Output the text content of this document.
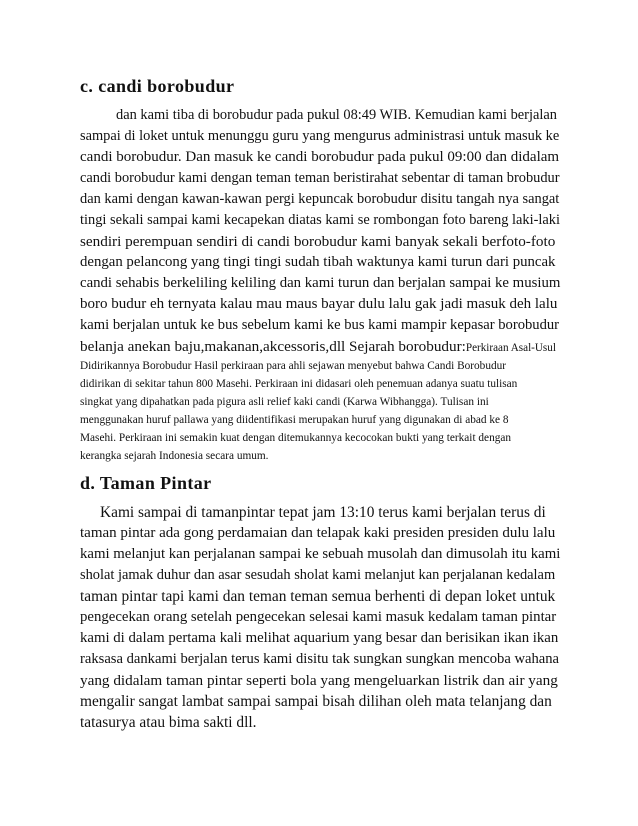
c. candi borobudur
dan kami tiba di borobudur pada pukul 08:49 WIB. Kemudian kami berjalan
sampai di loket untuk menunggu guru yang mengurus administrasi untuk masuk ke
candi borobudur. Dan masuk ke candi borobudur pada pukul 09:00 dan didalam
candi borobudur kami dengan teman teman beristirahat sebentar di taman brobudur
dan kami dengan kawan-kawan pergi kepuncak borobudur disitu tangah nya sangat
tingi sekali sampai kami kecapekan diatas kami se rombongan foto bareng laki-laki
sendiri perempuan sendiri di candi borobudur kami banyak sekali berfoto-foto
dengan pelancong yang tingi tingi sudah tibah waktunya kami turun dari puncak
candi sehabis berkeliling keliling dan kami turun dan berjalan sampai ke musium
boro budur eh ternyata kalau mau maus bayar dulu lalu gak jadi masuk deh lalu
kami berjalan untuk ke bus sebelum kami ke bus kami mampir kepasar borobudur
belanja anekan baju,makanan,akcessoris,dll Sejarah borobudur:Perkiraan Asal-Usul
Didirikannya Borobudur Hasil perkiraan para ahli sejawan menyebut bahwa Candi Borobudur
didirikan di sekitar tahun 800 Masehi. Perkiraan ini didasari oleh penemuan adanya suatu tulisan
singkat yang dipahatkan pada pigura asli relief kaki candi (Karwa Wibhangga). Tulisan ini
menggunakan huruf pallawa yang diidentifikasi merupakan huruf yang digunakan di abad ke 8
Masehi. Perkiraan ini semakin kuat dengan ditemukannya kecocokan bukti yang terkait dengan
kerangka sejarah Indonesia secara umum.
d. Taman Pintar
Kami sampai di tamanpintar tepat jam 13:10 terus kami berjalan terus di
taman pintar ada gong perdamaian dan telapak kaki presiden presiden dulu lalu
kami melanjut kan perjalanan sampai ke sebuah musolah dan dimusolah itu kami
sholat jamak duhur dan asar sesudah sholat kami melanjut kan perjalanan kedalam
taman pintar tapi kami dan teman teman semua berhenti di depan loket untuk
pengecekan orang setelah pengecekan selesai kami masuk kedalam taman pintar
kami di dalam pertama kali melihat aquarium yang besar dan berisikan ikan ikan
raksasa dankami berjalan terus kami disitu tak sungkan sungkan mencoba wahana
yang didalam taman pintar seperti bola yang mengeluarkan listrik dan air yang
mengalir sangat lambat sampai sampai bisah dilihan oleh mata telanjang dan
tatasurya atau bima sakti dll.
